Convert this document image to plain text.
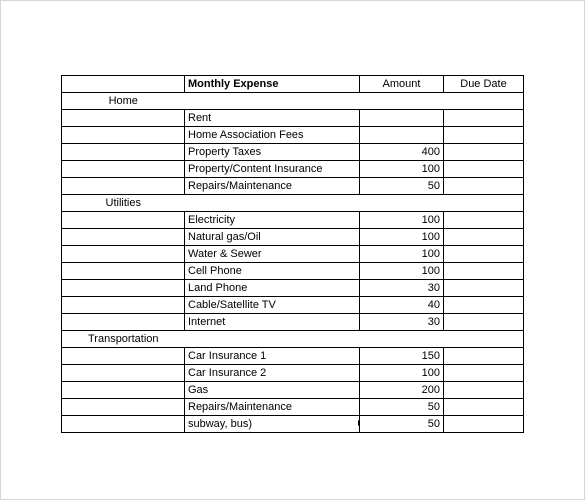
	Monthly Expense	Amount	Due Date
Home			
	Rent		
	Home Association Fees		
	Property Taxes	400	
	Property/Content Insurance	100	
	Repairs/Maintenance	50	
Utilities			
	Electricity	100	
	Natural gas/Oil	100	
	Water & Sewer	100	
	Cell Phone	100	
	Land Phone	30	
	Cable/Satellite TV	40	
	Internet	30	
Transportation			
	Car Insurance 1	150	
	Car Insurance 2	100	
	Gas	200	
	Repairs/Maintenance	50	
	subway, bus)	50	
